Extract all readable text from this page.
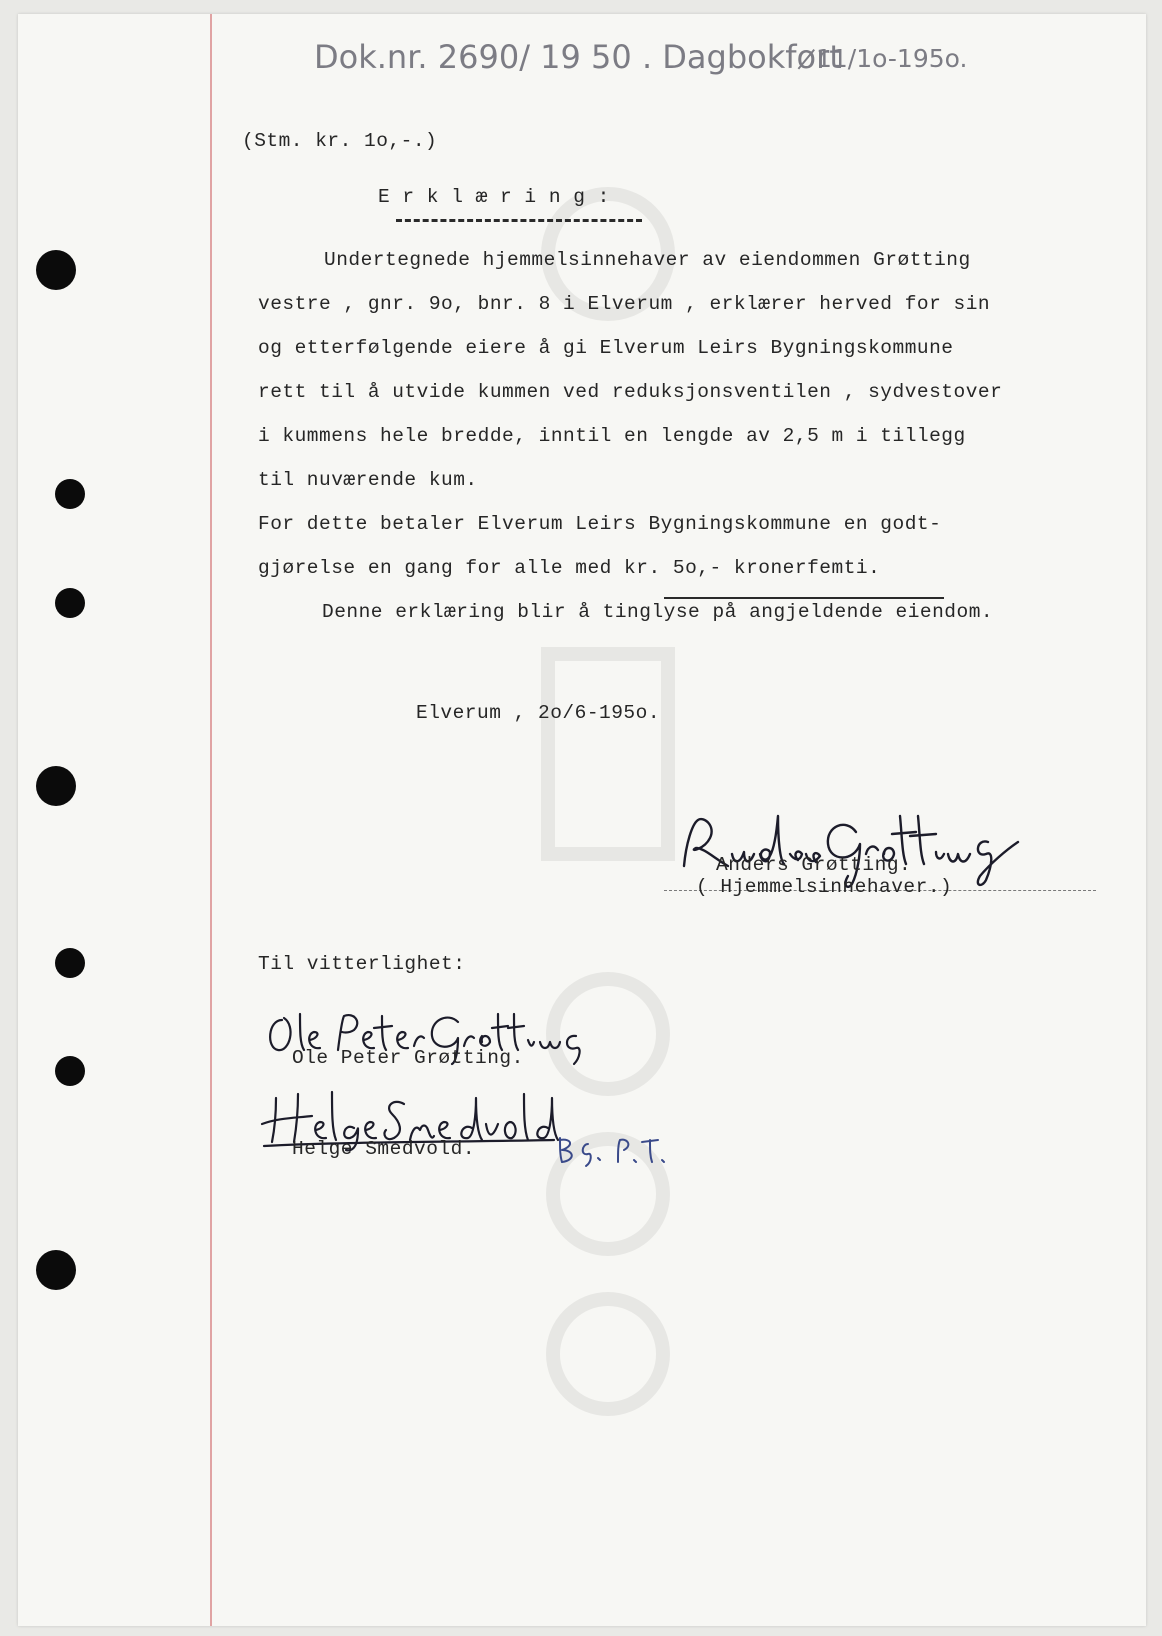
Dok.nr. 2690/ 19 50 . Dagbokført
11/1o-195o.
(Stm. kr. 1o,-.)
E r k l æ r i n g :
Undertegnede hjemmelsinnehaver av eiendommen Grøtting
vestre , gnr. 9o, bnr. 8 i Elverum , erklærer herved for sin
og etterfølgende eiere å gi Elverum Leirs Bygningskommune
rett til å utvide kummen ved reduksjonsventilen , sydvestover
i kummens hele bredde, inntil en lengde av 2,5 m i tillegg
til nuværende kum.
For dette betaler Elverum Leirs Bygningskommune en godt-
gjørelse en gang for alle med kr. 5o,- kronerfemti.
Denne erklæring blir å tinglyse på angjeldende eiendom.
Elverum , 2o/6-195o.
Anders Grøtting.
( Hjemmelsinnehaver.)
Til vitterlighet:
Ole Peter Grøtting.
Helge Smedvold.
